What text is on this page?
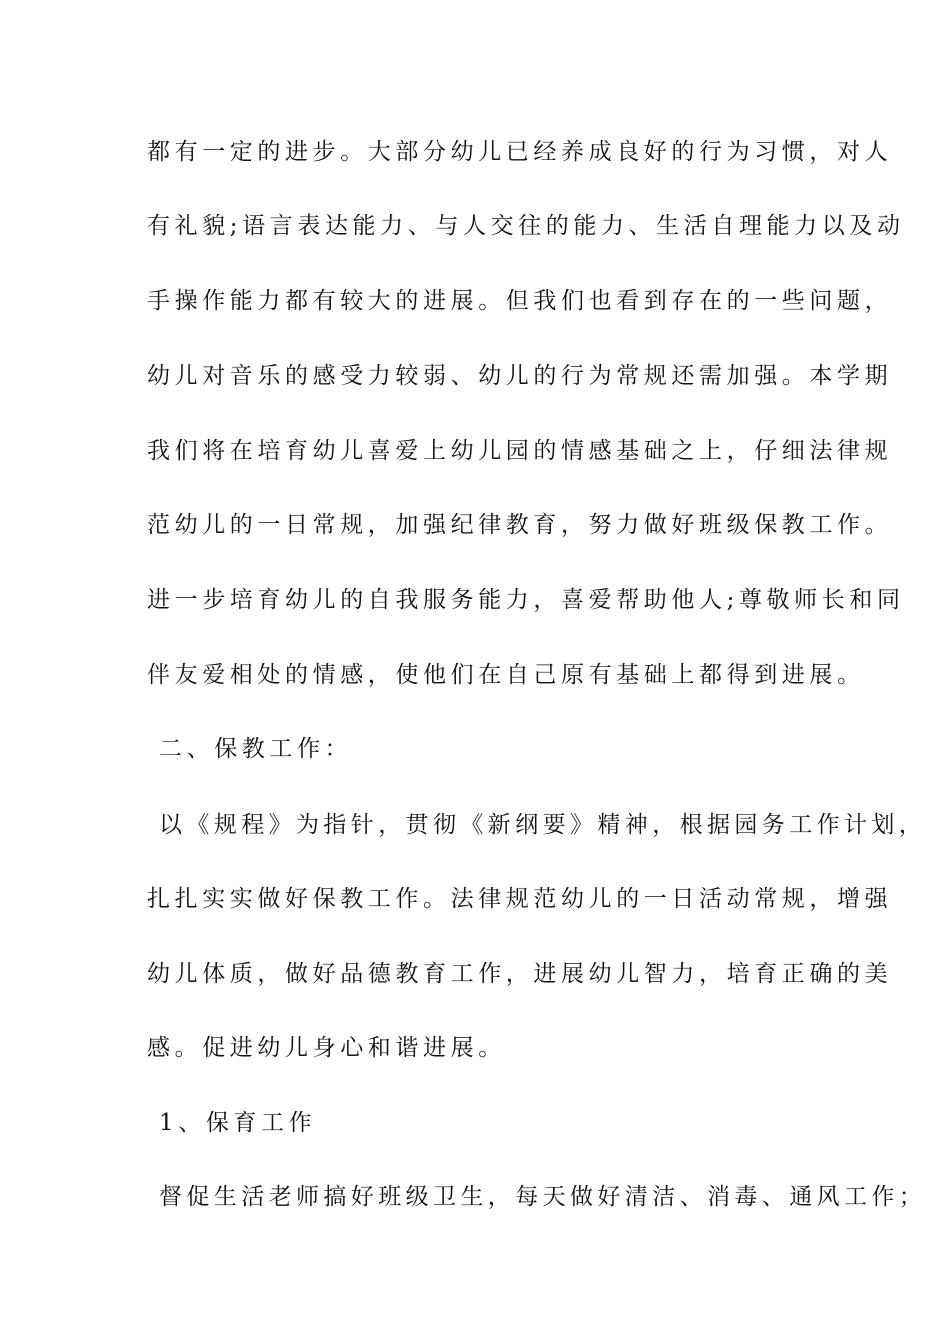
都有一定的进步。大部分幼儿已经养成良好的行为习惯，对人
有礼貌;语言表达能力、与人交往的能力、生活自理能力以及动
手操作能力都有较大的进展。但我们也看到存在的一些问题，
幼儿对音乐的感受力较弱、幼儿的行为常规还需加强。本学期
我们将在培育幼儿喜爱上幼儿园的情感基础之上，仔细法律规
范幼儿的一日常规，加强纪律教育，努力做好班级保教工作。
进一步培育幼儿的自我服务能力，喜爱帮助他人;尊敬师长和同
伴友爱相处的情感，使他们在自己原有基础上都得到进展。
二、保教工作：
以《规程》为指针，贯彻《新纲要》精神，根据园务工作计划，
扎扎实实做好保教工作。法律规范幼儿的一日活动常规，增强
幼儿体质，做好品德教育工作，进展幼儿智力，培育正确的美
感。促进幼儿身心和谐进展。
1、保育工作
督促生活老师搞好班级卫生，每天做好清洁、消毒、通风工作；
